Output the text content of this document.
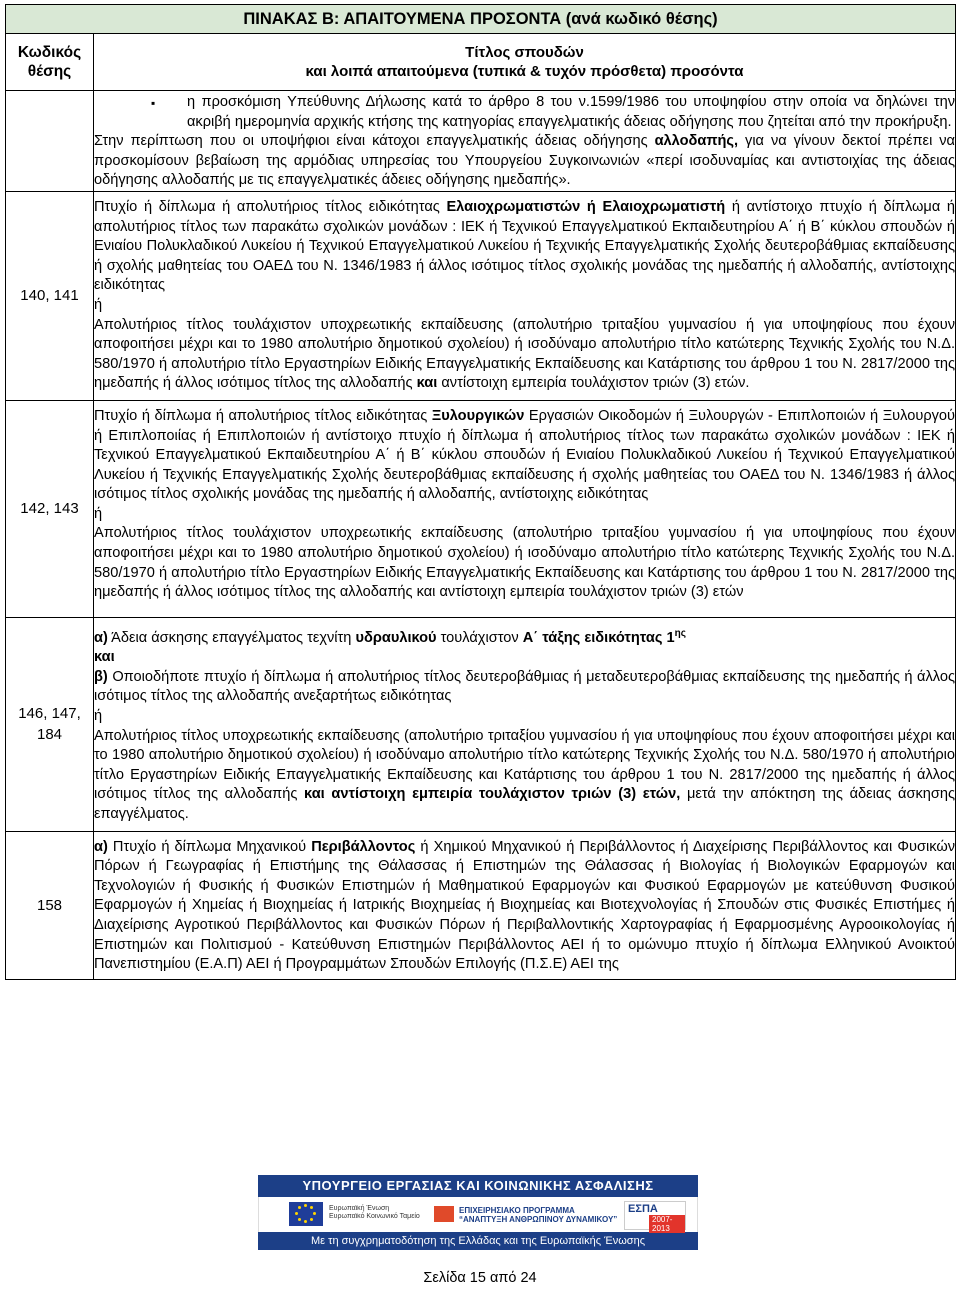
ΠΙΝΑΚΑΣ Β: ΑΠΑΙΤΟΥΜΕΝΑ ΠΡΟΣΟΝΤΑ (ανά κωδικό θέσης)	
Κωδικός
θέσης	Τίτλος σπουδών
και λοιπά απαιτούμενα (τυπικά & τυχόν πρόσθετα) προσόντα

	▪ η προσκόμιση Υπεύθυνης Δήλωσης κατά το άρθρο 8 του ν.1599/1986 του υποψηφίου στην οποία να δηλώνει την ακριβή ημερομηνία αρχικής κτήσης της κατηγορίας επαγγελματικής άδειας οδήγησης που ζητείται από την προκήρυξη.

Στην περίπτωση που οι υποψήφιοι είναι κάτοχοι επαγγελματικής άδειας οδήγησης αλλοδαπής, για να γίνουν δεκτοί πρέπει να προσκομίσουν βεβαίωση της αρμόδιας υπηρεσίας του Υπουργείου Συγκοινωνιών «περί ισοδυναμίας και αντιστοιχίας της άδειας οδήγησης αλλοδαπής με τις επαγγελματικές άδειες οδήγησης ημεδαπής».

140, 141	Πτυχίο ή δίπλωμα ή απολυτήριος τίτλος ειδικότητας Ελαιοχρωματιστών ή Ελαιοχρωματιστή ή αντίστοιχο πτυχίο ή δίπλωμα ή απολυτήριος τίτλος των παρακάτω σχολικών μονάδων : ΙΕΚ ή Τεχνικού Επαγγελματικού Εκπαιδευτηρίου Α΄ ή Β΄ κύκλου σπουδών ή Ενιαίου Πολυκλαδικού Λυκείου ή Τεχνικού Επαγγελματικού Λυκείου ή Τεχνικής Επαγγελματικής Σχολής δευτεροβάθμιας εκπαίδευσης ή σχολής μαθητείας του ΟΑΕΔ του Ν. 1346/1983 ή άλλος ισότιμος τίτλος σχολικής μονάδας της ημεδαπής ή αλλοδαπής, αντίστοιχης ειδικότητας

ή

Απολυτήριος τίτλος τουλάχιστον υποχρεωτικής εκπαίδευσης (απολυτήριο τριταξίου γυμνασίου ή για υποψηφίους που έχουν αποφοιτήσει μέχρι και το 1980 απολυτήριο δημοτικού σχολείου) ή ισοδύναμο απολυτήριο τίτλο κατώτερης Τεχνικής Σχολής του Ν.Δ. 580/1970 ή απολυτήριο τίτλο Εργαστηρίων Ειδικής Επαγγελματικής Εκπαίδευσης και Κατάρτισης του άρθρου 1 του Ν. 2817/2000 της ημεδαπής ή άλλος ισότιμος τίτλος της αλλοδαπής και αντίστοιχη εμπειρία τουλάχιστον τριών (3) ετών.

142, 143	Πτυχίο ή δίπλωμα ή απολυτήριος τίτλος ειδικότητας Ξυλουργικών Εργασιών Οικοδομών ή Ξυλουργών - Επιπλοποιών ή Ξυλουργού ή Επιπλοποιίας ή Επιπλοποιών ή αντίστοιχο πτυχίο ή δίπλωμα ή απολυτήριος τίτλος των παρακάτω σχολικών μονάδων : ΙΕΚ ή Τεχνικού Επαγγελματικού Εκπαιδευτηρίου Α΄ ή Β΄ κύκλου σπουδών ή Ενιαίου Πολυκλαδικού Λυκείου ή Τεχνικού Επαγγελματικού Λυκείου ή Τεχνικής Επαγγελματικής Σχολής δευτεροβάθμιας εκπαίδευσης ή σχολής μαθητείας του ΟΑΕΔ του Ν. 1346/1983 ή άλλος ισότιμος τίτλος σχολικής μονάδας της ημεδαπής ή αλλοδαπής, αντίστοιχης ειδικότητας

ή

Απολυτήριος τίτλος τουλάχιστον υποχρεωτικής εκπαίδευσης (απολυτήριο τριταξίου γυμνασίου ή για υποψηφίους που έχουν αποφοιτήσει μέχρι και το 1980 απολυτήριο δημοτικού σχολείου) ή ισοδύναμο απολυτήριο τίτλο κατώτερης Τεχνικής Σχολής του Ν.Δ. 580/1970 ή απολυτήριο τίτλο Εργαστηρίων Ειδικής Επαγγελματικής Εκπαίδευσης και Κατάρτισης του άρθρου 1 του Ν. 2817/2000 της ημεδαπής ή άλλος ισότιμος τίτλος της αλλοδαπής και αντίστοιχη εμπειρία τουλάχιστον τριών (3) ετών

146, 147, 184	α) Άδεια άσκησης επαγγέλματος τεχνίτη υδραυλικού τουλάχιστον Α΄ τάξης ειδικότητας $1^{\eta\varsigma}$

και

β) Οποιοδήποτε πτυχίο ή δίπλωμα ή απολυτήριος τίτλος δευτεροβάθμιας ή μεταδευτεροβάθμιας εκπαίδευσης της ημεδαπής ή άλλος ισότιμος τίτλος της αλλοδαπής ανεξαρτήτως ειδικότητας

ή

Απολυτήριος τίτλος υποχρεωτικής εκπαίδευσης (απολυτήριο τριταξίου γυμνασίου ή για υποψηφίους που έχουν αποφοιτήσει μέχρι και το 1980 απολυτήριο δημοτικού σχολείου) ή ισοδύναμο απολυτήριο τίτλο κατώτερης Τεχνικής Σχολής του Ν.Δ. 580/1970 ή απολυτήριο τίτλο Εργαστηρίων Ειδικής Επαγγελματικής Εκπαίδευσης και Κατάρτισης του άρθρου 1 του Ν. 2817/2000 της ημεδαπής ή άλλος ισότιμος τίτλος της αλλοδαπής και αντίστοιχη εμπειρία τουλάχιστον τριών (3) ετών, μετά την απόκτηση της άδειας άσκησης επαγγέλματος.

158	α) Πτυχίο ή δίπλωμα Μηχανικού Περιβάλλοντος ή Χημικού Μηχανικού ή Περιβάλλοντος ή Διαχείρισης Περιβάλλοντος και Φυσικών Πόρων ή Γεωγραφίας ή Επιστήμης της Θάλασσας ή Επιστημών της Θάλασσας ή Βιολογίας ή Βιολογικών Εφαρμογών και Τεχνολογιών ή Φυσικής ή Φυσικών Επιστημών ή Μαθηματικού Εφαρμογών και Φυσικού Εφαρμογών με κατεύθυνση Φυσικού Εφαρμογών ή Χημείας ή Βιοχημείας ή Ιατρικής Βιοχημείας ή Βιοχημείας και Βιοτεχνολογίας ή Σπουδών στις Φυσικές Επιστήμες ή Διαχείρισης Αγροτικού Περιβάλλοντος και Φυσικών Πόρων ή Περιβαλλοντικής Χαρτογραφίας ή Εφαρμοσμένης Αγροοικολογίας ή Επιστημών και Πολιτισμού - Κατεύθυνση Επιστημών Περιβάλλοντος ΑΕΙ ή το ομώνυμο πτυχίο ή δίπλωμα Ελληνικού Ανοικτού Πανεπιστημίου (Ε.Α.Π) ΑΕΙ ή Προγραμμάτων Σπουδών Επιλογής (Π.Σ.Ε) ΑΕΙ της

ΥΠΟΥΡΓΕΙΟ ΕΡΓΑΣΙΑΣ ΚΑΙ ΚΟΙΝΩΝΙΚΗΣ ΑΣΦΑΛΙΣΗΣ
Ευρωπαϊκή Ένωση
Ευρωπαϊκό Κοινωνικό Ταμείο
ΕΠΙΧΕΙΡΗΣΙΑΚΟ ΠΡΟΓΡΑΜΜΑ
“ΑΝΑΠΤΥΞΗ ΑΝΘΡΩΠΙΝΟΥ ΔΥΝΑΜΙΚΟΥ”
ΕΣΠΑ
2007-2013
Με τη συγχρηματοδότηση της Ελλάδας και της Ευρωπαϊκής Ένωσης
Σελίδα 15 από 24
